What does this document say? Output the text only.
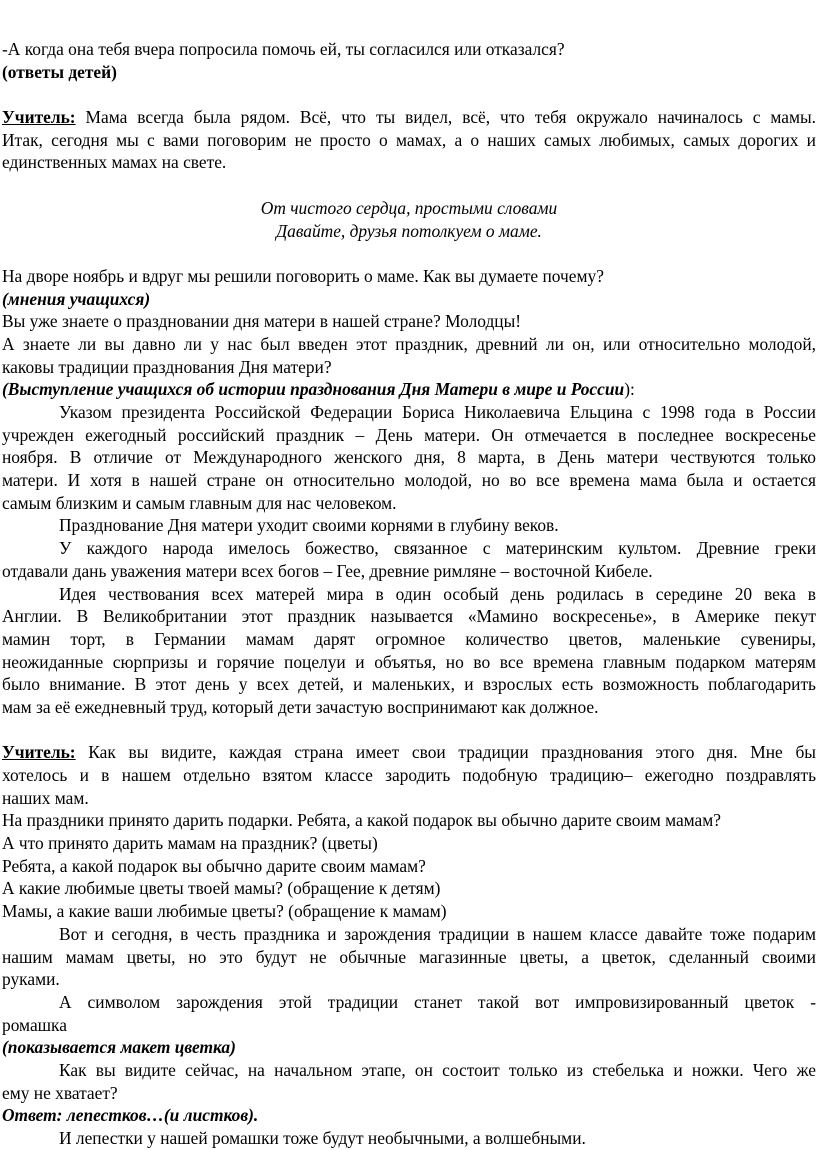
-А когда она тебя вчера попросила помочь ей, ты согласился или отказался?
(ответы детей)
Учитель: Мама всегда была рядом. Всё, что ты видел, всё, что тебя окружало начиналось с мамы.
Итак, сегодня мы с вами поговорим не просто о мамах, а о наших самых любимых, самых дорогих и
единственных мамах на свете.
От чистого сердца, простыми словами
Давайте, друзья потолкуем о маме.
На дворе ноябрь и вдруг мы решили поговорить о маме. Как вы думаете почему?
(мнения учащихся)
Вы уже знаете о праздновании дня матери в нашей стране? Молодцы!
А знаете ли вы давно ли у нас был введен этот праздник, древний ли он, или относительно молодой,
каковы традиции празднования Дня матери?
(Выступление учащихся об истории празднования Дня Матери в мире и России):
Указом президента Российской Федерации Бориса Николаевича Ельцина с 1998 года в России
учрежден ежегодный российский праздник – День матери. Он отмечается в последнее воскресенье
ноября. В отличие от Международного женского дня, 8 марта, в День матери чествуются только
матери. И хотя в нашей стране он относительно молодой, но во все времена мама была и остается
самым близким и самым главным для нас человеком.
Празднование Дня матери уходит своими корнями в глубину веков.
У каждого народа имелось божество, связанное с материнским культом. Древние греки
отдавали дань уважения матери всех богов – Гее, древние римляне – восточной Кибеле.
Идея чествования всех матерей мира в один особый день родилась в середине 20 века в
Англии. В Великобритании этот праздник называется «Мамино воскресенье», в Америке пекут
мамин торт, в Германии мамам дарят огромное количество цветов, маленькие сувениры,
неожиданные сюрпризы и горячие поцелуи и объятья, но во все времена главным подарком матерям
было внимание. В этот день у всех детей, и маленьких, и взрослых есть возможность поблагодарить
мам за её ежедневный труд, который дети зачастую воспринимают как должное.
Учитель: Как вы видите, каждая страна имеет свои традиции празднования этого дня. Мне бы
хотелось и в нашем отдельно взятом классе зародить подобную традицию– ежегодно поздравлять
наших мам.
На праздники принято дарить подарки. Ребята, а какой подарок вы обычно дарите своим мамам?
А что принято дарить мамам на праздник? (цветы)
Ребята, а какой подарок вы обычно дарите своим мамам?
А какие любимые цветы твоей мамы? (обращение к детям)
Мамы, а какие ваши любимые цветы? (обращение к мамам)
Вот и сегодня, в честь праздника и зарождения традиции в нашем классе давайте тоже подарим
нашим мамам цветы, но это будут не обычные магазинные цветы, а цветок, сделанный своими
руками.
А символом зарождения этой традиции станет такой вот импровизированный цветок -
ромашка
(показывается макет цветка)
Как вы видите сейчас, на начальном этапе, он состоит только из стебелька и ножки. Чего же
ему не хватает?
Ответ: лепестков…(и листков).
И лепестки у нашей ромашки тоже будут необычными, а волшебными.
